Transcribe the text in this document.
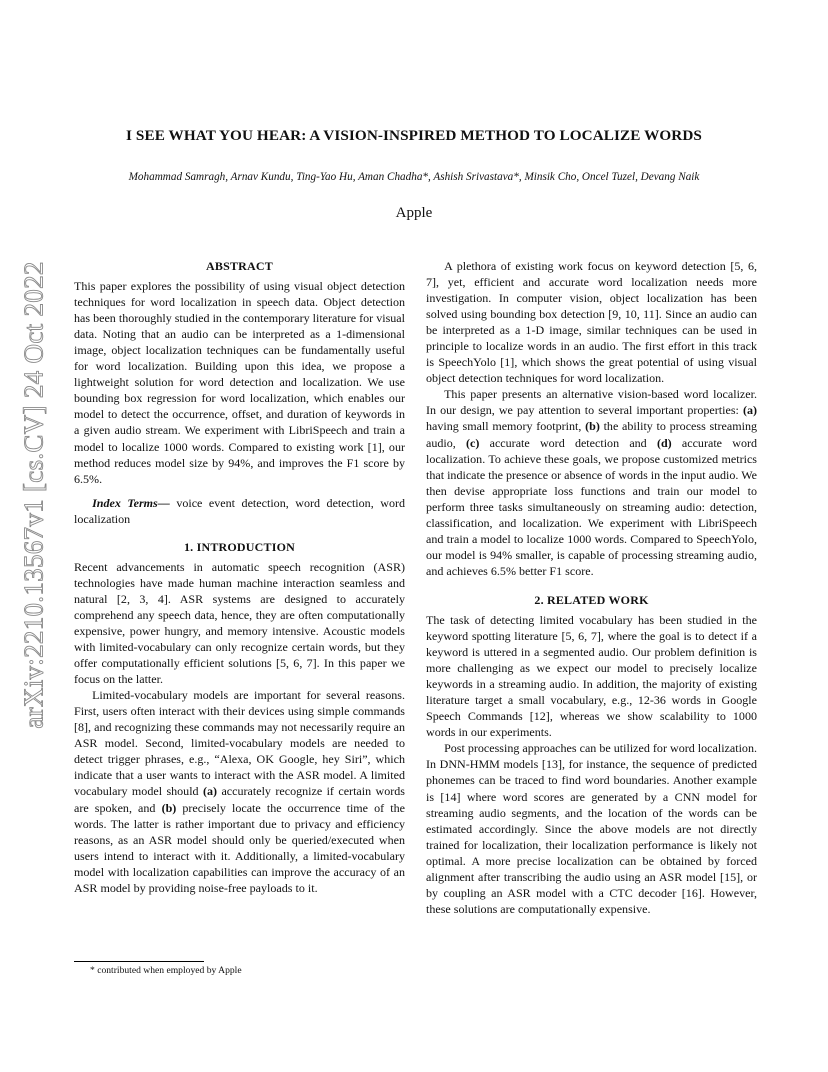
arXiv:2210.13567v1 [cs.CV] 24 Oct 2022
I SEE WHAT YOU HEAR: A VISION-INSPIRED METHOD TO LOCALIZE WORDS
Mohammad Samragh, Arnav Kundu, Ting-Yao Hu, Aman Chadha*, Ashish Srivastava*, Minsik Cho, Oncel Tuzel, Devang Naik
Apple
ABSTRACT

This paper explores the possibility of using visual object detection techniques for word localization in speech data. Object detection has been thoroughly studied in the contemporary literature for visual data. Noting that an audio can be interpreted as a 1-dimensional image, object localization techniques can be fundamentally useful for word localization. Building upon this idea, we propose a lightweight solution for word detection and localization. We use bounding box regression for word localization, which enables our model to detect the occurrence, offset, and duration of keywords in a given audio stream. We experiment with LibriSpeech and train a model to localize 1000 words. Compared to existing work [1], our method reduces model size by 94%, and improves the F1 score by 6.5%.

Index Terms— voice event detection, word detection, word localization

1. INTRODUCTION

Recent advancements in automatic speech recognition (ASR) technologies have made human machine interaction seamless and natural [2, 3, 4]. ASR systems are designed to accurately comprehend any speech data, hence, they are often computationally expensive, power hungry, and memory intensive. Acoustic models with limited-vocabulary can only recognize certain words, but they offer computationally efficient solutions [5, 6, 7]. In this paper we focus on the latter.

Limited-vocabulary models are important for several reasons. First, users often interact with their devices using simple commands [8], and recognizing these commands may not necessarily require an ASR model. Second, limited-vocabulary models are needed to detect trigger phrases, e.g., “Alexa, OK Google, hey Siri”, which indicate that a user wants to interact with the ASR model. A limited vocabulary model should (a) accurately recognize if certain words are spoken, and (b) precisely locate the occurrence time of the words. The latter is rather important due to privacy and efficiency reasons, as an ASR model should only be queried/executed when users intend to interact with it. Additionally, a limited-vocabulary model with localization capabilities can improve the accuracy of an ASR model by providing noise-free payloads to it.

A plethora of existing work focus on keyword detection [5, 6, 7], yet, efficient and accurate word localization needs more investigation. In computer vision, object localization has been solved using bounding box detection [9, 10, 11]. Since an audio can be interpreted as a 1-D image, similar techniques can be used in principle to localize words in an audio. The first effort in this track is SpeechYolo [1], which shows the great potential of using visual object detection techniques for word localization.

This paper presents an alternative vision-based word localizer. In our design, we pay attention to several important properties: (a) having small memory footprint, (b) the ability to process streaming audio, (c) accurate word detection and (d) accurate word localization. To achieve these goals, we propose customized metrics that indicate the presence or absence of words in the input audio. We then devise appropriate loss functions and train our model to perform three tasks simultaneously on streaming audio: detection, classification, and localization. We experiment with LibriSpeech and train a model to localize 1000 words. Compared to SpeechYolo, our model is 94% smaller, is capable of processing streaming audio, and achieves 6.5% better F1 score.

2. RELATED WORK

The task of detecting limited vocabulary has been studied in the keyword spotting literature [5, 6, 7], where the goal is to detect if a keyword is uttered in a segmented audio. Our problem definition is more challenging as we expect our model to precisely localize keywords in a streaming audio. In addition, the majority of existing literature target a small vocabulary, e.g., 12-36 words in Google Speech Commands [12], whereas we show scalability to 1000 words in our experiments.

Post processing approaches can be utilized for word localization. In DNN-HMM models [13], for instance, the sequence of predicted phonemes can be traced to find word boundaries. Another example is [14] where word scores are generated by a CNN model for streaming audio segments, and the location of the words can be estimated accordingly. Since the above models are not directly trained for localization, their localization performance is likely not optimal. A more precise localization can be obtained by forced alignment after transcribing the audio using an ASR model [15], or by coupling an ASR model with a CTC decoder [16]. However, these solutions are computationally expensive.

* contributed when employed by Apple
